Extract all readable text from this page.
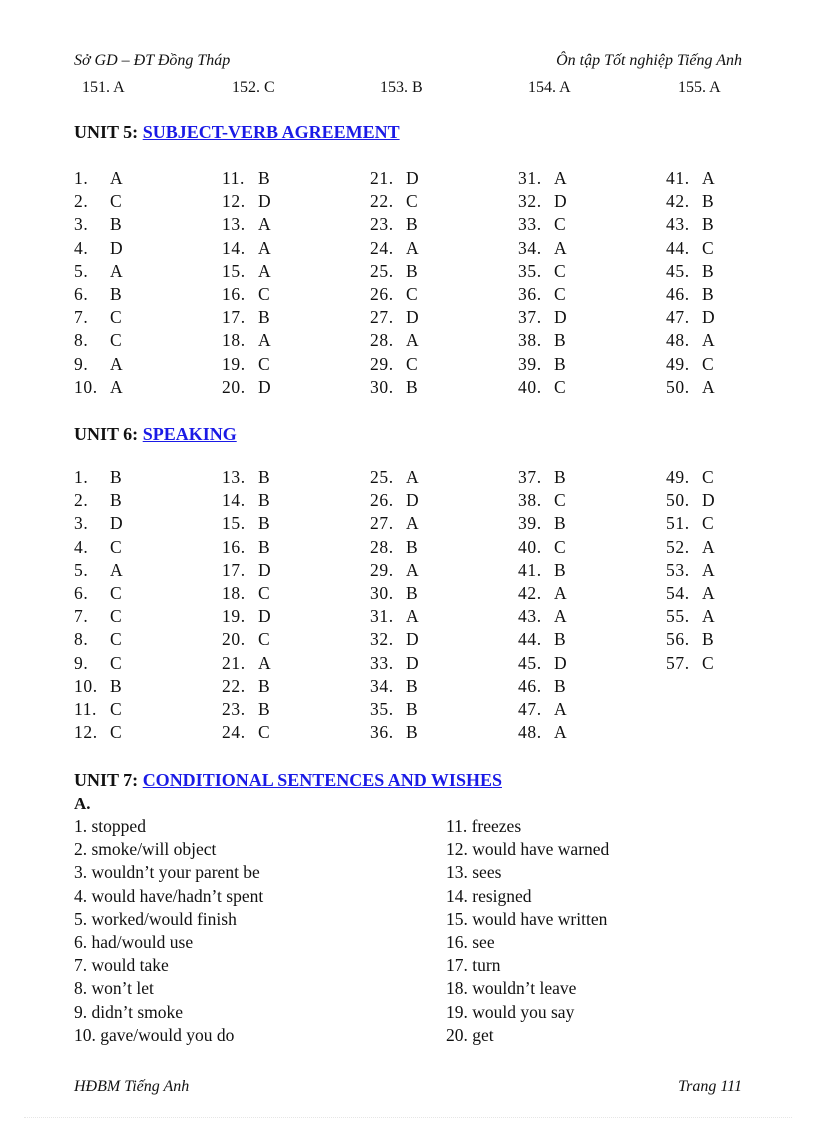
Sở GD – ĐT Đồng Tháp	Ôn tập Tốt nghiệp Tiếng Anh
151. A	152. C	153. B	154. A	155. A
UNIT 5: SUBJECT-VERB AGREEMENT
1. A
2. C
3. B
4. D
5. A
6. B
7. C
8. C
9. A
10. A
11. B
12. D
13. A
14. A
15. A
16. C
17. B
18. A
19. C
20. D
21. D
22. C
23. B
24. A
25. B
26. C
27. D
28. A
29. C
30. B
31. A
32. D
33. C
34. A
35. C
36. C
37. D
38. B
39. B
40. C
41. A
42. B
43. B
44. C
45. B
46. B
47. D
48. A
49. C
50. A
UNIT 6: SPEAKING
1. B
2. B
3. D
4. C
5. A
6. C
7. C
8. C
9. C
10. B
11. C
12. C
13. B
14. B
15. B
16. B
17. D
18. C
19. D
20. C
21. A
22. B
23. B
24. C
25. A
26. D
27. A
28. B
29. A
30. B
31. A
32. D
33. D
34. B
35. B
36. B
37. B
38. C
39. B
40. C
41. B
42. A
43. A
44. B
45. D
46. B
47. A
48. A
49. C
50. D
51. C
52. A
53. A
54. A
55. A
56. B
57. C
UNIT 7: CONDITIONAL SENTENCES AND WISHES
A.
1. stopped
2. smoke/will object
3. wouldn’t your parent be
4. would have/hadn’t spent
5. worked/would finish
6. had/would use
7. would take
8. won’t let
9. didn’t smoke
10. gave/would you do
11. freezes
12. would have warned
13. sees
14. resigned
15. would have written
16. see
17. turn
18. wouldn’t leave
19. would you say
20. get
HĐBM Tiếng Anh	Trang 111
